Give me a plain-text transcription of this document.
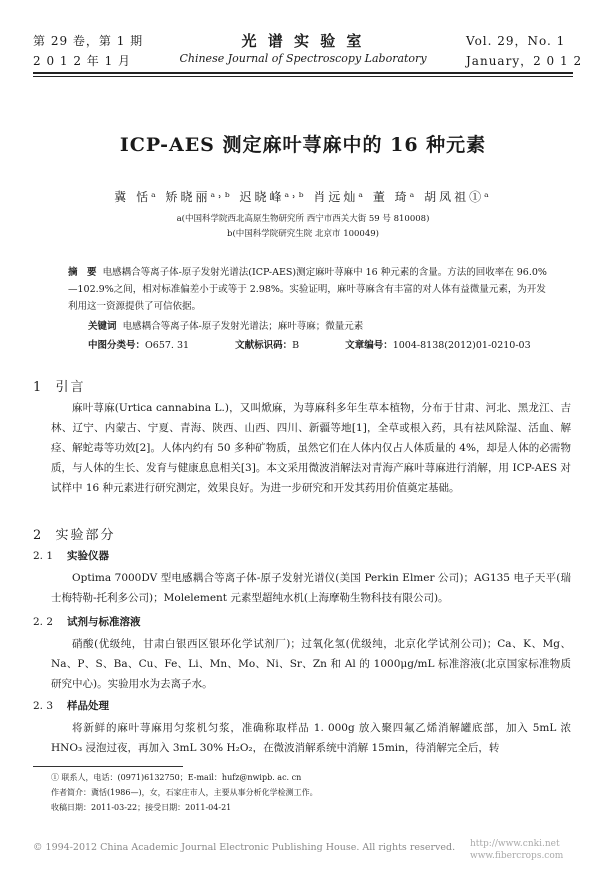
第 29 卷，第 1 期
2 0 1 2 年 1 月
光 谱 实 验 室
Chinese Journal of Spectroscopy Laboratory
Vol. 29，No. 1
January，2 0 1 2
ICP-AES 测定麻叶荨麻中的 16 种元素
冀 恬ᵃ 矫晓丽ᵃ˒ᵇ 迟晓峰ᵃ˒ᵇ 肖远灿ᵃ 董 琦ᵃ 胡凤祖①ᵃ
a(中国科学院西北高原生物研究所 西宁市西关大街 59 号 810008)
b(中国科学院研究生院 北京市 100049)
摘　要 电感耦合等离子体-原子发射光谱法(ICP-AES)测定麻叶荨麻中 16 种元素的含量。方法的回收率在 96.0%—102.9%之间，相对标准偏差小于或等于 2.98%。实验证明，麻叶荨麻含有丰富的对人体有益微量元素，为开发利用这一资源提供了可信依据。
关键词 电感耦合等离子体-原子发射光谱法；麻叶荨麻；微量元素
中图分类号：O657. 31	文献标识码：B	文章编号：1004-8138(2012)01-0210-03
1 引言
麻叶荨麻(Urtica cannabina L.)，又叫焮麻，为荨麻科多年生草本植物，分布于甘肃、河北、黑龙江、吉林、辽宁、内蒙古、宁夏、青海、陕西、山西、四川、新疆等地[1]，全草或根入药，具有祛风除湿、活血、解痉、解蛇毒等功效[2]。人体内约有 50 多种矿物质，虽然它们在人体内仅占人体质量的 4%，却是人体的必需物质，与人体的生长、发育与健康息息相关[3]。本文采用微波消解法对青海产麻叶荨麻进行消解，用 ICP-AES 对试样中 16 种元素进行研究测定，效果良好。为进一步研究和开发其药用价值奠定基础。
2 实验部分
2. 1 实验仪器
Optima 7000DV 型电感耦合等离子体-原子发射光谱仪(美国 Perkin Elmer 公司)；AG135 电子天平(瑞士梅特勒-托利多公司)；Molelement 元素型超纯水机(上海摩勒生物科技有限公司)。
2. 2 试剂与标准溶液
硝酸(优级纯，甘肃白银西区银环化学试剂厂)；过氧化氢(优级纯，北京化学试剂公司)；Ca、K、Mg、Na、P、S、Ba、Cu、Fe、Li、Mn、Mo、Ni、Sr、Zn 和 Al 的 1000μg/mL 标准溶液(北京国家标准物质研究中心)。实验用水为去离子水。
2. 3 样品处理
将新鲜的麻叶荨麻用匀浆机匀浆，准确称取样品 1. 000g 放入聚四氟乙烯消解罐底部，加入 5mL 浓 HNO₃ 浸泡过夜，再加入 3mL 30% H₂O₂，在微波消解系统中消解 15min，待消解完全后，转
① 联系人，电话：(0971)6132750；E-mail：hufz@nwipb. ac. cn
作者简介：冀恬(1986—)，女，石家庄市人，主要从事分析化学检测工作。
收稿日期：2011-03-22；接受日期：2011-04-21
© 1994-2012 China Academic Journal Electronic Publishing House. All rights reserved. http://www.cnki.net
www.fibercrops.com
